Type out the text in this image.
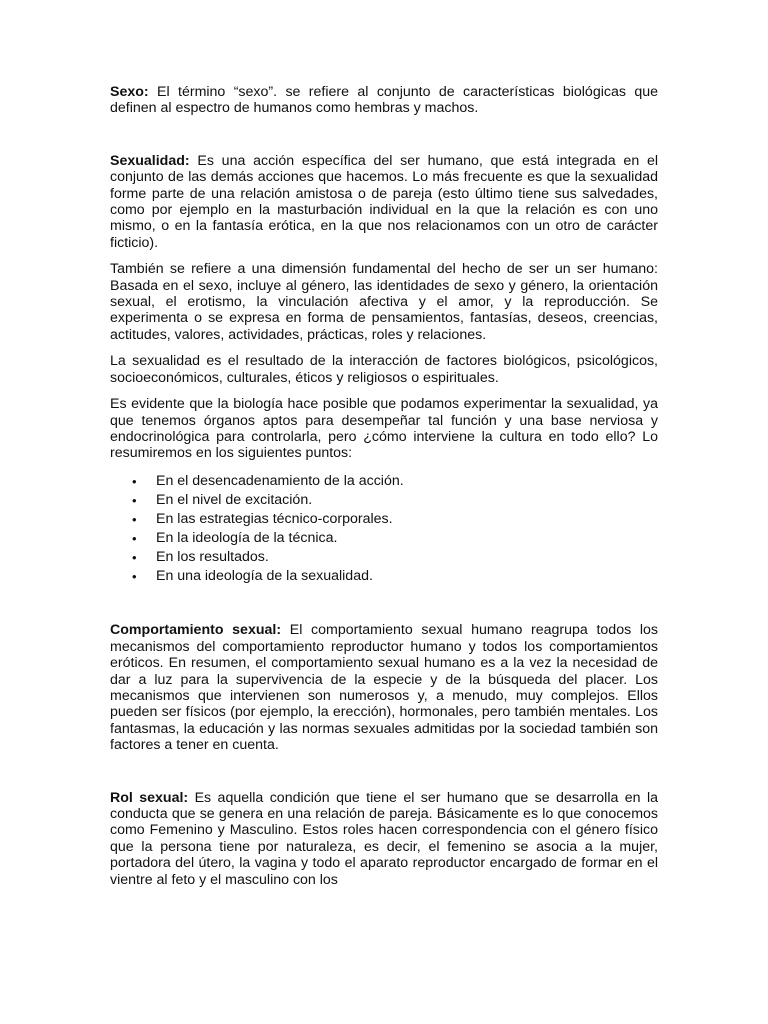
Sexo: El término “sexo”. se refiere al conjunto de características biológicas que definen al espectro de humanos como hembras y machos.

Sexualidad: Es una acción específica del ser humano, que está integrada en el conjunto de las demás acciones que hacemos. Lo más frecuente es que la sexualidad forme parte de una relación amistosa o de pareja (esto último tiene sus salvedades, como por ejemplo en la masturbación individual en la que la relación es con uno mismo, o en la fantasía erótica, en la que nos relacionamos con un otro de carácter ficticio).

También se refiere a una dimensión fundamental del hecho de ser un ser humano: Basada en el sexo, incluye al género, las identidades de sexo y género, la orientación sexual, el erotismo, la vinculación afectiva y el amor, y la reproducción. Se experimenta o se expresa en forma de pensamientos, fantasías, deseos, creencias, actitudes, valores, actividades, prácticas, roles y relaciones.

La sexualidad es el resultado de la interacción de factores biológicos, psicológicos, socioeconómicos, culturales, éticos y religiosos o espirituales.

Es evidente que la biología hace posible que podamos experimentar la sexualidad, ya que tenemos órganos aptos para desempeñar tal función y una base nerviosa y endocrinológica para controlarla, pero ¿cómo interviene la cultura en todo ello? Lo resumiremos en los siguientes puntos:

• En el desencadenamiento de la acción.
• En el nivel de excitación.
• En las estrategias técnico-corporales.
• En la ideología de la técnica.
• En los resultados.
• En una ideología de la sexualidad.

Comportamiento sexual: El comportamiento sexual humano reagrupa todos los mecanismos del comportamiento reproductor humano y todos los comportamientos eróticos. En resumen, el comportamiento sexual humano es a la vez la necesidad de dar a luz para la supervivencia de la especie y de la búsqueda del placer. Los mecanismos que intervienen son numerosos y, a menudo, muy complejos. Ellos pueden ser físicos (por ejemplo, la erección), hormonales, pero también mentales. Los fantasmas, la educación y las normas sexuales admitidas por la sociedad también son factores a tener en cuenta.

Rol sexual: Es aquella condición que tiene el ser humano que se desarrolla en la conducta que se genera en una relación de pareja. Básicamente es lo que conocemos como Femenino y Masculino. Estos roles hacen correspondencia con el género físico que la persona tiene por naturaleza, es decir, el femenino se asocia a la mujer, portadora del útero, la vagina y todo el aparato reproductor encargado de formar en el vientre al feto y el masculino con los
